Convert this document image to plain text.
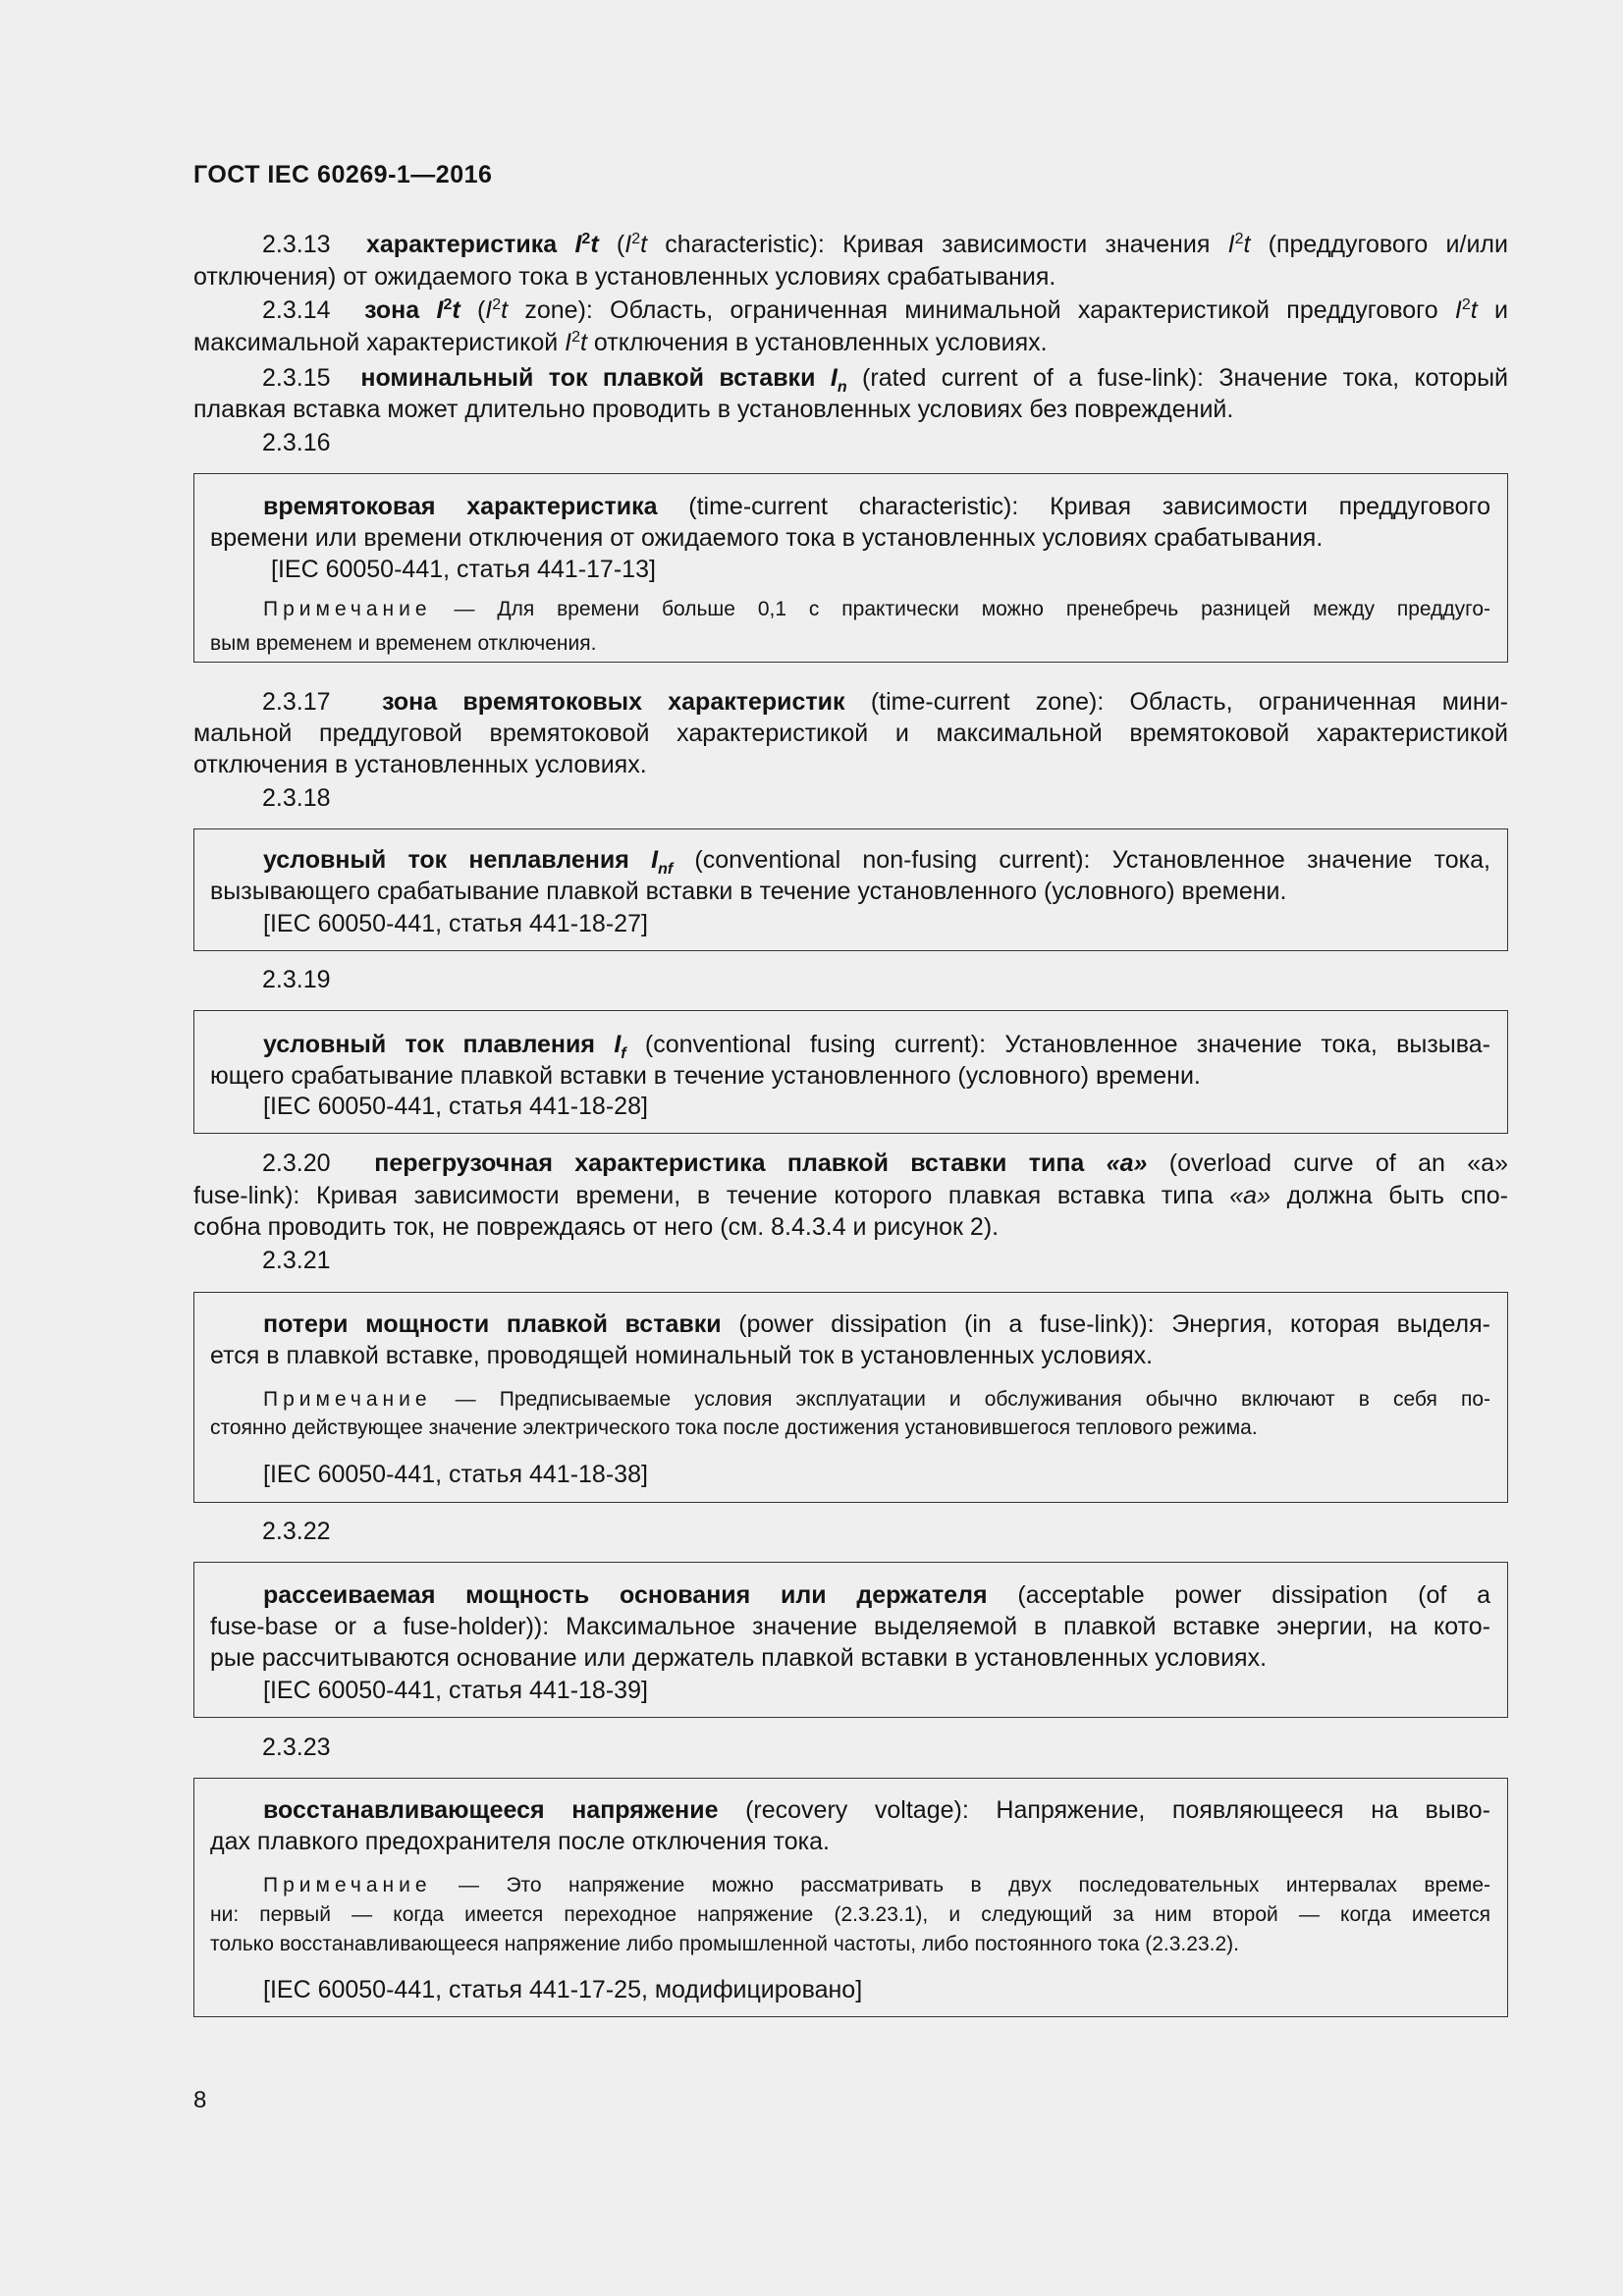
ГОСТ IEC 60269-1—2016
2.3.13 характеристика $I^2t$ ($I^2t$ characteristic): Кривая зависимости значения $I^2t$ (преддугового и/или
отключения) от ожидаемого тока в установленных условиях срабатывания.
2.3.14 зона $I^2t$ ($I^2t$ zone): Область, ограниченная минимальной характеристикой преддугового $I^2t$ и
максимальной характеристикой $I^2t$ отключения в установленных условиях.
2.3.15 номинальный ток плавкой вставки $I_n$ (rated current of a fuse-link): Значение тока, который
плавкая вставка может длительно проводить в установленных условиях без повреждений.
2.3.16
времятоковая характеристика (time-current characteristic): Кривая зависимости преддугового
времени или времени отключения от ожидаемого тока в установленных условиях срабатывания.
[IEC 60050-441, статья 441-17-13]
Примечание — Для времени больше 0,1 с практически можно пренебречь разницей между преддуго-
вым временем и временем отключения.
2.3.17 зона времятоковых характеристик (time-current zone): Область, ограниченная мини-
мальной преддуговой времятоковой характеристикой и максимальной времятоковой характеристикой
отключения в установленных условиях.
2.3.18
условный ток неплавления $I_{nf}$ (conventional non-fusing current): Установленное значение тока,
вызывающего срабатывание плавкой вставки в течение установленного (условного) времени.
[IEC 60050-441, статья 441-18-27]
2.3.19
условный ток плавления $I_f$ (conventional fusing current): Установленное значение тока, вызыва-
ющего срабатывание плавкой вставки в течение установленного (условного) времени.
[IEC 60050-441, статья 441-18-28]
2.3.20 перегрузочная характеристика плавкой вставки типа «a» (overload curve of an «a»
fuse-link): Кривая зависимости времени, в течение которого плавкая вставка типа «a» должна быть спо-
собна проводить ток, не повреждаясь от него (см. 8.4.3.4 и рисунок 2).
2.3.21
потери мощности плавкой вставки (power dissipation (in a fuse-link)): Энергия, которая выделя-
ется в плавкой вставке, проводящей номинальный ток в установленных условиях.
Примечание — Предписываемые условия эксплуатации и обслуживания обычно включают в себя по-
стоянно действующее значение электрического тока после достижения установившегося теплового режима.
[IEC 60050-441, статья 441-18-38]
2.3.22
рассеиваемая мощность основания или держателя (acceptable power dissipation (of a
fuse-base or a fuse-holder)): Максимальное значение выделяемой в плавкой вставке энергии, на кото-
рые рассчитываются основание или держатель плавкой вставки в установленных условиях.
[IEC 60050-441, статья 441-18-39]
2.3.23
восстанавливающееся напряжение (recovery voltage): Напряжение, появляющееся на выво-
дах плавкого предохранителя после отключения тока.
Примечание — Это напряжение можно рассматривать в двух последовательных интервалах време-
ни: первый — когда имеется переходное напряжение (2.3.23.1), и следующий за ним второй — когда имеется
только восстанавливающееся напряжение либо промышленной частоты, либо постоянного тока (2.3.23.2).
[IEC 60050-441, статья 441-17-25, модифицировано]
8
